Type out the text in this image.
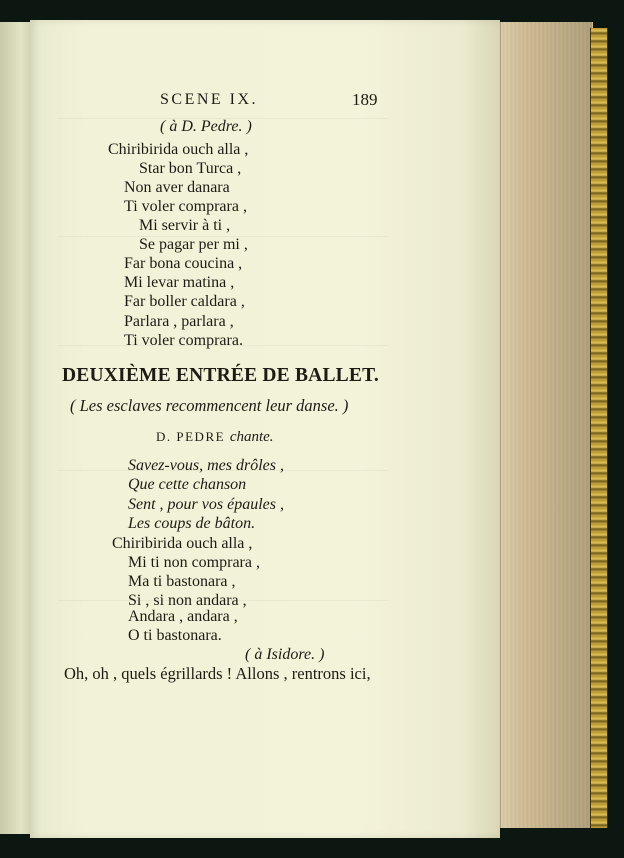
SCENE IX.	189
( à D. Pedre. )
Chiribirida ouch alla ,
Star bon Turca ,
Non aver danara
Ti voler comprara ,
Mi servir à ti ,
Se pagar per mi ,
Far bona coucina ,
Mi levar matina ,
Far boller caldara ,
Parlara , parlara ,
Ti voler comprara.
DEUXIÈME ENTRÉE DE BALLET.
( Les esclaves recommencent leur danse. )
D. PEDRE chante.
Savez-vous, mes drôles ,
Que cette chanson
Sent , pour vos épaules ,
Les coups de bâton.
Chiribirida ouch alla ,
Mi ti non comprara ,
Ma ti bastonara ,
Si , si non andara ,
Andara , andara ,
O ti bastonara.
( à Isidore. )
Oh, oh , quels égrillards ! Allons , rentrons ici,
